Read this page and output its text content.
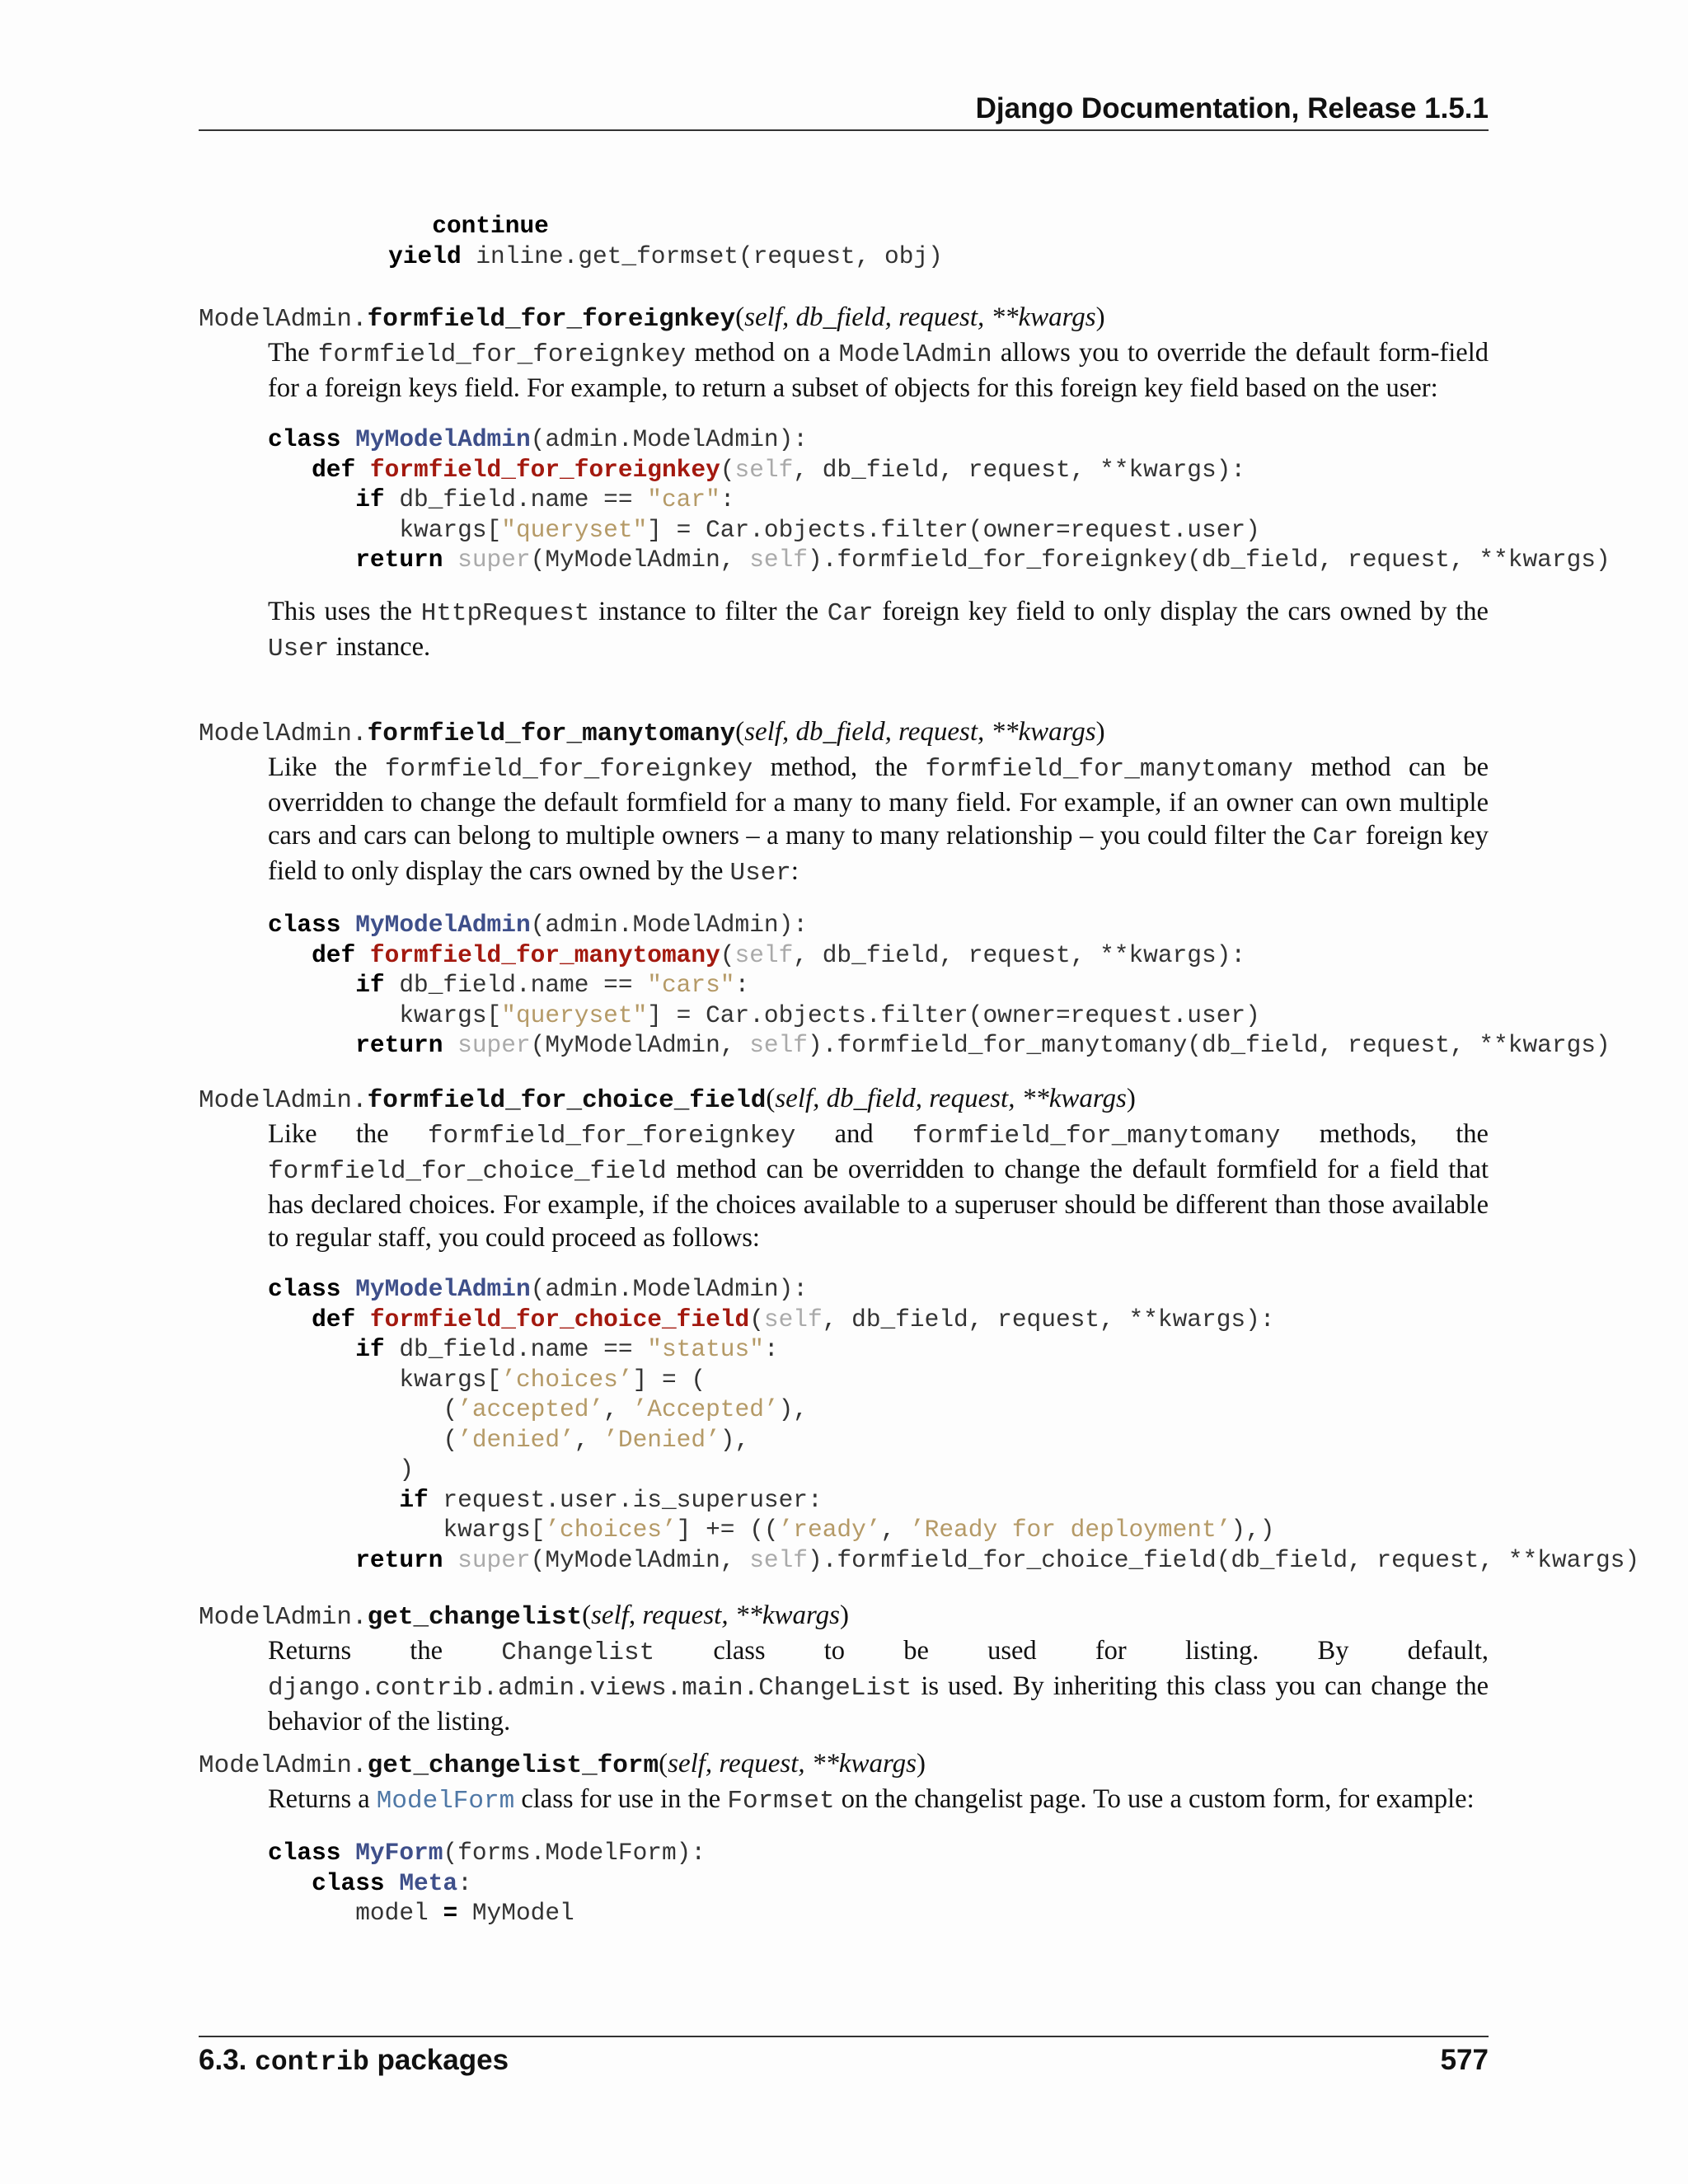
Django Documentation, Release 1.5.1
continue
yield inline.get_formset(request, obj)
ModelAdmin.formfield_for_foreignkey(self, db_field, request, **kwargs)
The formfield_for_foreignkey method on a ModelAdmin allows you to override the default form-field for a foreign keys field. For example, to return a subset of objects for this foreign key field based on the user:
class MyModelAdmin(admin.ModelAdmin):
def formfield_for_foreignkey(self, db_field, request, **kwargs):
if db_field.name == "car":
kwargs["queryset"] = Car.objects.filter(owner=request.user)
return super(MyModelAdmin, self).formfield_for_foreignkey(db_field, request, **kwargs)
This uses the HttpRequest instance to filter the Car foreign key field to only display the cars owned by the User instance.
ModelAdmin.formfield_for_manytomany(self, db_field, request, **kwargs)
Like the formfield_for_foreignkey method, the formfield_for_manytomany method can be overridden to change the default formfield for a many to many field. For example, if an owner can own multiple cars and cars can belong to multiple owners – a many to many relationship – you could filter the Car foreign key field to only display the cars owned by the User:
class MyModelAdmin(admin.ModelAdmin):
def formfield_for_manytomany(self, db_field, request, **kwargs):
if db_field.name == "cars":
kwargs["queryset"] = Car.objects.filter(owner=request.user)
return super(MyModelAdmin, self).formfield_for_manytomany(db_field, request, **kwargs)
ModelAdmin.formfield_for_choice_field(self, db_field, request, **kwargs)
Like the formfield_for_foreignkey and formfield_for_manytomany methods, the formfield_for_choice_field method can be overridden to change the default formfield for a field that has declared choices. For example, if the choices available to a superuser should be different than those available to regular staff, you could proceed as follows:
class MyModelAdmin(admin.ModelAdmin):
def formfield_for_choice_field(self, db_field, request, **kwargs):
if db_field.name == "status":
kwargs[’choices’] = (
(’accepted’, ’Accepted’),
(’denied’, ’Denied’),
)
if request.user.is_superuser:
kwargs[’choices’] += ((’ready’, ’Ready for deployment’),)
return super(MyModelAdmin, self).formfield_for_choice_field(db_field, request, **kwargs)
ModelAdmin.get_changelist(self, request, **kwargs)
Returns the Changelist class to be used for listing. By default, django.contrib.admin.views.main.ChangeList is used. By inheriting this class you can change the behavior of the listing.
ModelAdmin.get_changelist_form(self, request, **kwargs)
Returns a ModelForm class for use in the Formset on the changelist page. To use a custom form, for example:
class MyForm(forms.ModelForm):
class Meta:
model = MyModel
6.3. contrib packages	577
